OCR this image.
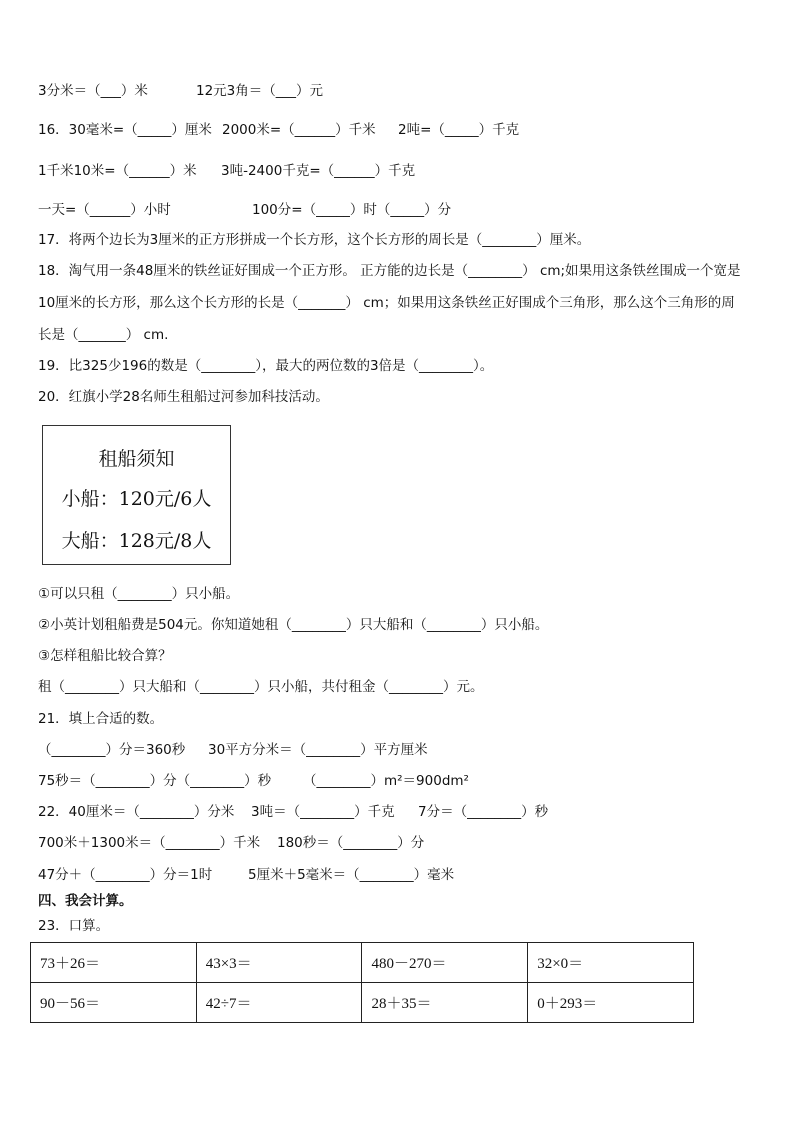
3分米＝（___）米	12元3角＝（___）元
16．30毫米=（_____）厘米 2000米=（______）千米 2吨=（_____）千克
1千米10米=（______）米 3吨-2400千克=（______）千克
一天=（______）小时	100分=（_____）时（_____）分
17．将两个边长为3厘米的正方形拼成一个长方形，这个长方形的周长是（________）厘米。
18．淘气用一条48厘米的铁丝证好围成一个正方形。 正方能的边长是（________） cm;如果用这条铁丝围成一个宽是
10厘米的长方形，那么这个长方形的长是（_______） cm；如果用这条铁丝正好围成个三角形，那么这个三角形的周
长是（_______） cm.
19．比325少196的数是（________），最大的两位数的3倍是（________）。
20．红旗小学28名师生租船过河参加科技活动。
租船须知
小船：120元/6人
大船：128元/8人
①可以只租（________）只小船。
②小英计划租船费是504元。你知道她租（________）只大船和（________）只小船。
③怎样租船比较合算？
租（________）只大船和（________）只小船，共付租金（________）元。
21．填上合适的数。
（________）分＝360秒 30平方分米＝（________）平方厘米
75秒＝（________）分（________）秒 （________）m²＝900dm²
22．40厘米＝（________）分米 3吨＝（________）千克 7分＝（________）秒
700米＋1300米＝（________）千米 180秒＝（________）分
47分＋（________）分＝1时	5厘米＋5毫米＝（________）毫米
四、我会计算。
23．口算。
73＋26＝	43×3＝	480－270＝	32×0＝
90－56＝	42÷7＝	28＋35＝	0＋293＝
